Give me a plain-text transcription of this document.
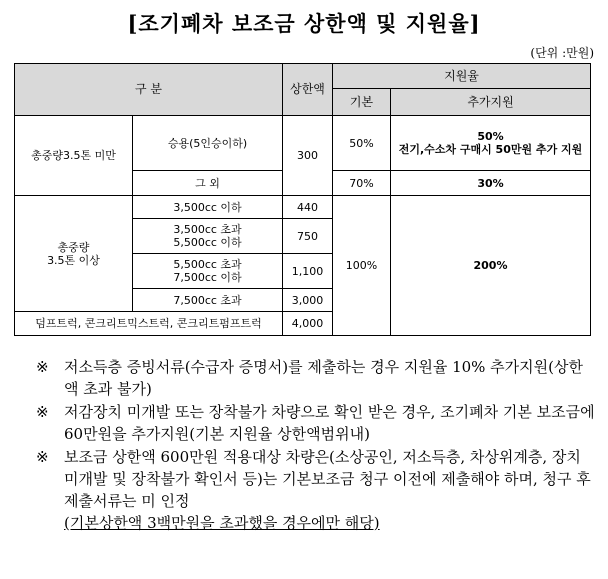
[조기폐차 보조금 상한액 및 지원율]
(단위 :만원)
구 분		상한액	지원율	
			기본	추가지원
총중량3.5톤 미만	승용(5인승이하)	300	50%	50%
전기,수소차 구매시 50만원 추가 지원

	그 외		70%	30%

총중량
3.5톤 이상	3,500cc 이하	440	100%	200%

	3,500cc 초과
5,500cc 이하	750		

	5,500cc 초과
7,500cc 이하	1,100		
	7,500cc 초과	3,000		
덤프트럭, 콘크리트믹스트럭, 콘크리트펌프트럭		4,000		
※ 저소득층 증빙서류(수급자 증명서)를 제출하는 경우 지원율 10% 추가지원(상한액 초과 불가)
※ 저감장치 미개발 또는 장착불가 차량으로 확인 받은 경우, 조기폐차 기본 보조금에 60만원을 추가지원(기본 지원율 상한액범위내)
※ 보조금 상한액 600만원 적용대상 차량은(소상공인, 저소득층, 차상위계층, 장치 미개발 및 장착불가 확인서 등)는 기본보조금 청구 이전에 제출해야 하며, 청구 후 제출서류는 미 인정
(기본상한액 3백만원을 초과했을 경우에만 해당)
